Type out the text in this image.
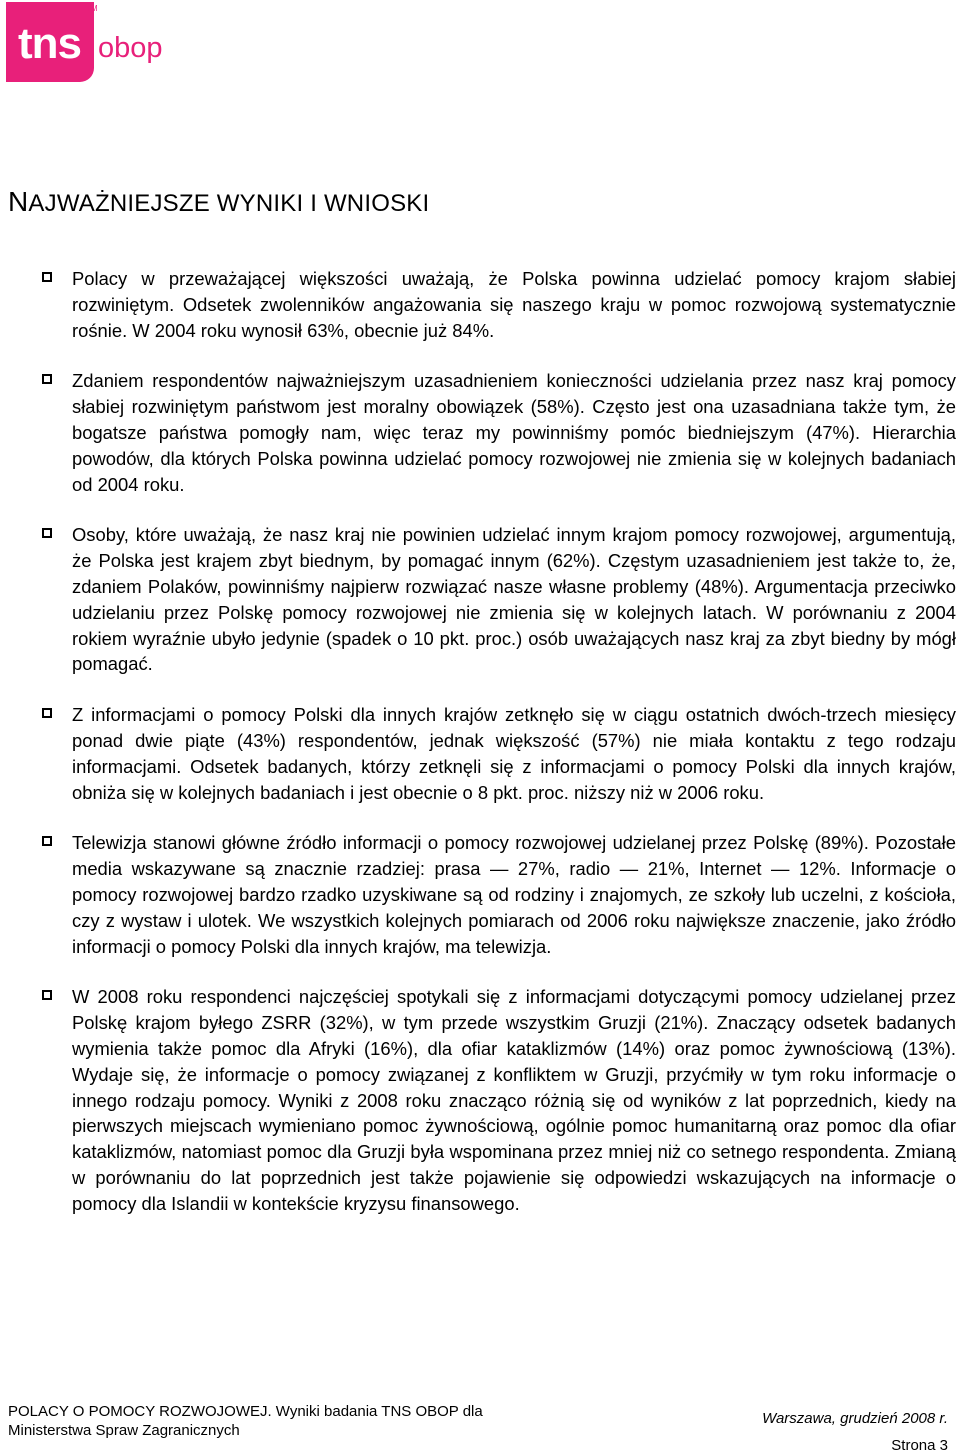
tns
TM
obop
NAJWAŻNIEJSZE WYNIKI I WNIOSKI

Polacy w przeważającej większości uważają, że Polska powinna udzielać pomocy krajom słabiej rozwiniętym. Odsetek zwolenników angażowania się naszego kraju w pomoc rozwojową systematycznie rośnie. W 2004 roku wynosił 63%, obecnie już 84%.

Zdaniem respondentów najważniejszym uzasadnieniem konieczności udzielania przez nasz kraj pomocy słabiej rozwiniętym państwom jest moralny obowiązek (58%). Często jest ona uzasadniana także tym, że bogatsze państwa pomogły nam, więc teraz my powinniśmy pomóc biedniejszym (47%). Hierarchia powodów, dla których Polska powinna udzielać pomocy rozwojowej nie zmienia się w kolejnych badaniach od 2004 roku.

Osoby, które uważają, że nasz kraj nie powinien udzielać innym krajom pomocy rozwojowej, argumentują, że Polska jest krajem zbyt biednym, by pomagać innym (62%). Częstym uzasadnieniem jest także to, że, zdaniem Polaków, powinniśmy najpierw rozwiązać nasze własne problemy (48%). Argumentacja przeciwko udzielaniu przez Polskę pomocy rozwojowej nie zmienia się w kolejnych latach. W porównaniu z 2004 rokiem wyraźnie ubyło jedynie (spadek o 10 pkt. proc.) osób uważających nasz kraj za zbyt biedny by mógł pomagać.

Z informacjami o pomocy Polski dla innych krajów zetknęło się w ciągu ostatnich dwóch-trzech miesięcy ponad dwie piąte (43%) respondentów, jednak większość (57%) nie miała kontaktu z tego rodzaju informacjami. Odsetek badanych, którzy zetknęli się z informacjami o pomocy Polski dla innych krajów, obniża się w kolejnych badaniach i jest obecnie o 8 pkt. proc. niższy niż w 2006 roku.

Telewizja stanowi główne źródło informacji o pomocy rozwojowej udzielanej przez Polskę (89%). Pozostałe media wskazywane są znacznie rzadziej: prasa — 27%, radio — 21%, Internet — 12%. Informacje o pomocy rozwojowej bardzo rzadko uzyskiwane są od rodziny i znajomych, ze szkoły lub uczelni, z kościoła, czy z wystaw i ulotek. We wszystkich kolejnych pomiarach od 2006 roku największe znaczenie, jako źródło informacji o pomocy Polski dla innych krajów, ma telewizja.

W 2008 roku respondenci najczęściej spotykali się z informacjami dotyczącymi pomocy udzielanej przez Polskę krajom byłego ZSRR (32%), w tym przede wszystkim Gruzji (21%). Znaczący odsetek badanych wymienia także pomoc dla Afryki (16%), dla ofiar kataklizmów (14%) oraz pomoc żywnościową (13%). Wydaje się, że informacje o pomocy związanej z konfliktem w Gruzji, przyćmiły w tym roku informacje o innego rodzaju pomocy. Wyniki z 2008 roku znacząco różnią się od wyników z lat poprzednich, kiedy na pierwszych miejscach wymieniano pomoc żywnościową, ogólnie pomoc humanitarną oraz pomoc dla ofiar kataklizmów, natomiast pomoc dla Gruzji była wspominana przez mniej niż co setnego respondenta. Zmianą w porównaniu do lat poprzednich jest także pojawienie się odpowiedzi wskazujących na informacje o pomocy dla Islandii w kontekście kryzysu finansowego.

POLACY O POMOCY ROZWOJOWEJ. Wyniki badania TNS OBOP dla
Ministerstwa Spraw Zagranicznych
Warszawa, grudzień 2008 r.
Strona 3
